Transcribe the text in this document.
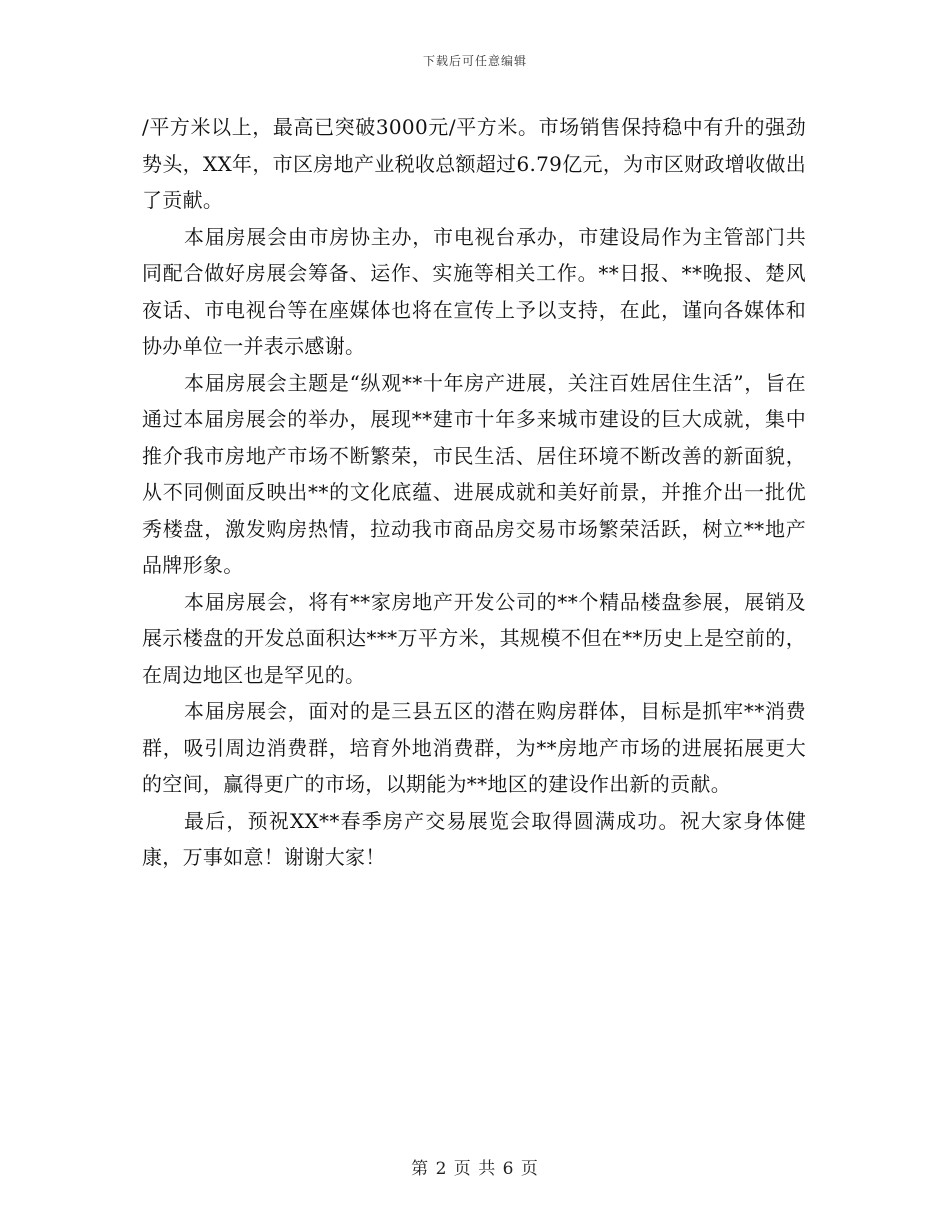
下载后可任意编辑

/平方米以上，最高已突破3000元/平方米。市场销售保持稳中有升的强劲势头，XX年，市区房地产业税收总额超过6.79亿元，为市区财政增收做出了贡献。

本届房展会由市房协主办，市电视台承办，市建设局作为主管部门共同配合做好房展会筹备、运作、实施等相关工作。**日报、**晚报、楚风夜话、市电视台等在座媒体也将在宣传上予以支持，在此，谨向各媒体和协办单位一并表示感谢。

本届房展会主题是“纵观**十年房产进展，关注百姓居住生活”，旨在通过本届房展会的举办，展现**建市十年多来城市建设的巨大成就，集中推介我市房地产市场不断繁荣，市民生活、居住环境不断改善的新面貌，从不同侧面反映出**的文化底蕴、进展成就和美好前景，并推介出一批优秀楼盘，激发购房热情，拉动我市商品房交易市场繁荣活跃，树立**地产品牌形象。

本届房展会，将有**家房地产开发公司的**个精品楼盘参展，展销及展示楼盘的开发总面积达***万平方米，其规模不但在**历史上是空前的，在周边地区也是罕见的。

本届房展会，面对的是三县五区的潜在购房群体，目标是抓牢**消费群，吸引周边消费群，培育外地消费群，为**房地产市场的进展拓展更大的空间，赢得更广的市场，以期能为**地区的建设作出新的贡献。

最后，预祝XX**春季房产交易展览会取得圆满成功。祝大家身体健康，万事如意！谢谢大家！

第 2 页 共 6 页
